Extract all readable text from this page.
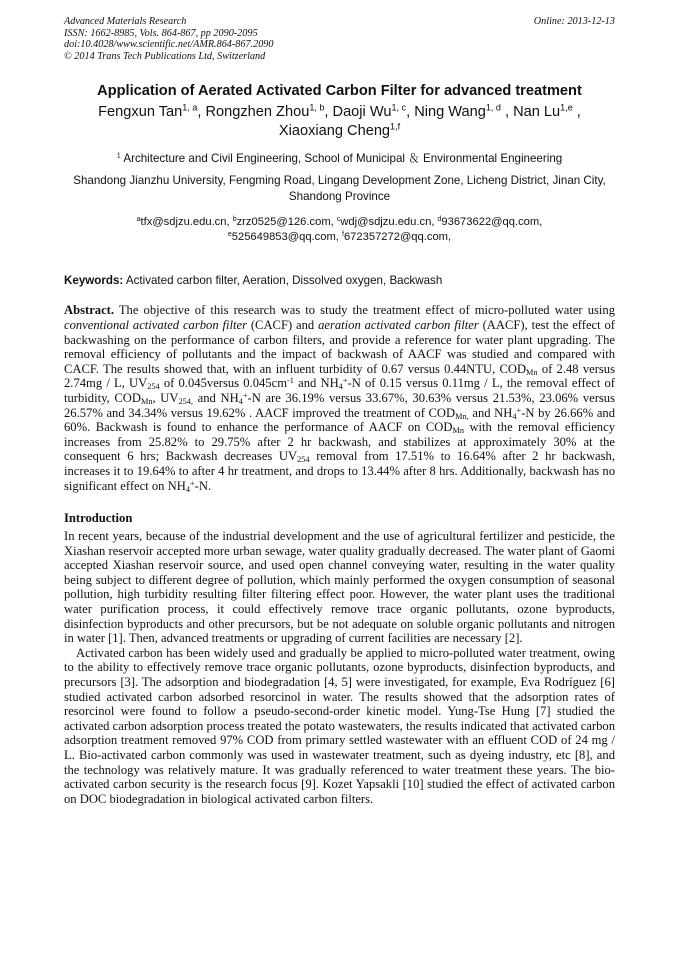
Advanced Materials Research
ISSN: 1662-8985, Vols. 864-867, pp 2090-2095
doi:10.4028/www.scientific.net/AMR.864-867.2090
© 2014 Trans Tech Publications Ltd, Switzerland
Online: 2013-12-13
Application of Aerated Activated Carbon Filter for advanced treatment
Fengxun Tan$^{1, a}$, Rongzhen Zhou$^{1, b}$, Daoji Wu$^{1, c}$, Ning Wang$^{1, d}$ , Nan Lu$^{1,e}$ , Xiaoxiang Cheng$^{1,f}$
$^1$ Architecture and Civil Engineering, School of Municipal ＆ Environmental Engineering
Shandong Jianzhu University, Fengming Road, Lingang Development Zone, Licheng District, Jinan City, Shandong Province
$^a$tfx@sdjzu.edu.cn, $^b$zrz0525@126.com, $^c$wdj@sdjzu.edu.cn, $^d$93673622@qq.com,
$^e$525649853@qq.com, $^f$672357272@qq.com,
Keywords: Activated carbon filter, Aeration, Dissolved oxygen, Backwash
Abstract. The objective of this research was to study the treatment effect of micro-polluted water using conventional activated carbon filter (CACF) and aeration activated carbon filter (AACF), test the effect of backwashing on the performance of carbon filters, and provide a reference for water plant upgrading. The removal efficiency of pollutants and the impact of backwash of AACF was studied and compared with CACF. The results showed that, with an influent turbidity of 0.67 versus 0.44NTU, $COD_{Mn}$ of 2.48 versus 2.74mg / L, $UV_{254}$ of 0.045versus $0.045cm^{-1}$ and $NH_4^+-N$ of 0.15 versus 0.11mg / L, the removal effect of turbidity, $COD_{Mn}$, $UV_{254,}$ and $NH_4^+-N$ are 36.19% versus 33.67%, 30.63% versus 21.53%, 23.06% versus 26.57% and 34.34% versus 19.62% . AACF improved the treatment of $COD_{Mn,}$ and $NH_4^+-N$ by 26.66% and 60%. Backwash is found to enhance the performance of AACF on $COD_{Mn}$ with the removal efficiency increases from 25.82% to 29.75% after 2 hr backwash, and stabilizes at approximately 30% at the consequent 6 hrs; Backwash decreases $UV_{254}$ removal from 17.51% to 16.64% after 2 hr backwash, increases it to 19.64% to after 4 hr treatment, and drops to 13.44% after 8 hrs. Additionally, backwash has no significant effect on $NH_4^+-N$.
Introduction
In recent years, because of the industrial development and the use of agricultural fertilizer and pesticide, the Xiashan reservoir accepted more urban sewage, water quality gradually decreased. The water plant of Gaomi accepted Xiashan reservoir source, and used open channel conveying water, resulting in the water quality being subject to different degree of pollution, which mainly performed the oxygen consumption of seasonal pollution, high turbidity resulting filter filtering effect poor. However, the water plant uses the traditional water purification process, it could effectively remove trace organic pollutants, ozone byproducts, disinfection byproducts and other precursors, but be not adequate on soluble organic pollutants and nitrogen in water [1]. Then, advanced treatments or upgrading of current facilities are necessary [2].
Activated carbon has been widely used and gradually be applied to micro-polluted water treatment, owing to the ability to effectively remove trace organic pollutants, ozone byproducts, disinfection byproducts, and precursors [3]. The adsorption and biodegradation [4, 5] were investigated, for example, Eva Rodríguez [6] studied activated carbon adsorbed resorcinol in water. The results showed that the adsorption rates of resorcinol were found to follow a pseudo-second-order kinetic model. Yung-Tse Hung [7] studied the activated carbon adsorption process treated the potato wastewaters, the results indicated that activated carbon adsorption treatment removed 97% COD from primary settled wastewater with an effluent COD of 24 mg / L. Bio-activated carbon commonly was used in wastewater treatment, such as dyeing industry, etc [8], and the technology was relatively mature. It was gradually referenced to water treatment these years. The bio-activated carbon security is the research focus [9]. Kozet Yapsakli [10] studied the effect of activated carbon on DOC biodegradation in biological activated carbon filters.
